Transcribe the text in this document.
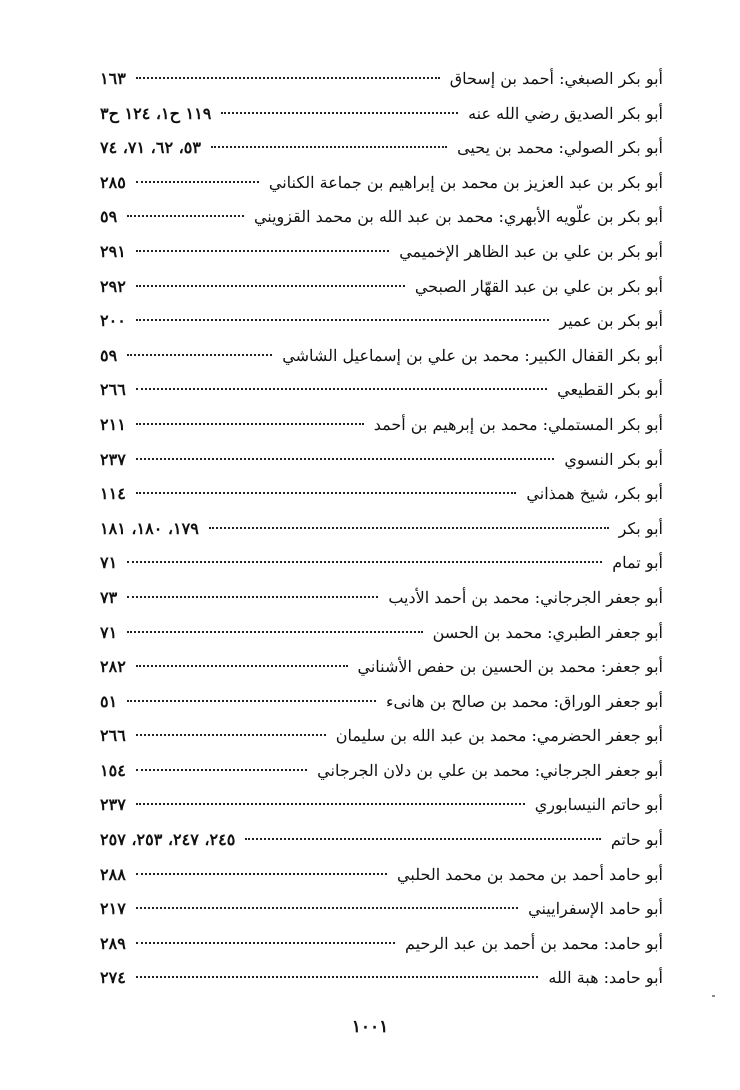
أبو بكر الصبغي: أحمد بن إسحاق
١٦٣
أبو بكر الصديق رضي الله عنه
١١٩ ح١، ١٢٤ ح٣
أبو بكر الصولي: محمد بن يحيى
٥٣، ٦٢، ٧١، ٧٤
أبو بكر بن عبد العزيز بن محمد بن إبراهيم بن جماعة الكناني
٢٨٥
أبو بكر بن علّويه الأبهري: محمد بن عبد الله بن محمد القزويني
٥٩
أبو بكر بن علي بن عبد الظاهر الإخميمي
٢٩١
أبو بكر بن علي بن عبد القهّار الصبحي
٢٩٢
أبو بكر بن عمير
٢٠٠
أبو بكر القفال الكبير: محمد بن علي بن إسماعيل الشاشي
٥٩
أبو بكر القطيعي
٢٦٦
أبو بكر المستملي: محمد بن إبرهيم بن أحمد
٢١١
أبو بكر النسوي
٢٣٧
أبو بكر، شيخ همذاني
١١٤
أبو بكر
١٧٩، ١٨٠، ١٨١
أبو تمام
٧١
أبو جعفر الجرجاني: محمد بن أحمد الأديب
٧٣
أبو جعفر الطبري: محمد بن الحسن
٧١
أبو جعفر: محمد بن الحسين بن حفص الأشناني
٢٨٢
أبو جعفر الوراق: محمد بن صالح بن هانىء
٥١
أبو جعفر الحضرمي: محمد بن عبد الله بن سليمان
٢٦٦
أبو جعفر الجرجاني: محمد بن علي بن دلان الجرجاني
١٥٤
أبو حاتم النيسابوري
٢٣٧
أبو حاتم
٢٤٥، ٢٤٧، ٢٥٣، ٢٥٧
أبو حامد أحمد بن محمد بن محمد الحلبي
٢٨٨
أبو حامد الإسفراييني
٢١٧
أبو حامد: محمد بن أحمد بن عبد الرحيم
٢٨٩
أبو حامد: هبة الله
٢٧٤
١٠٠١
